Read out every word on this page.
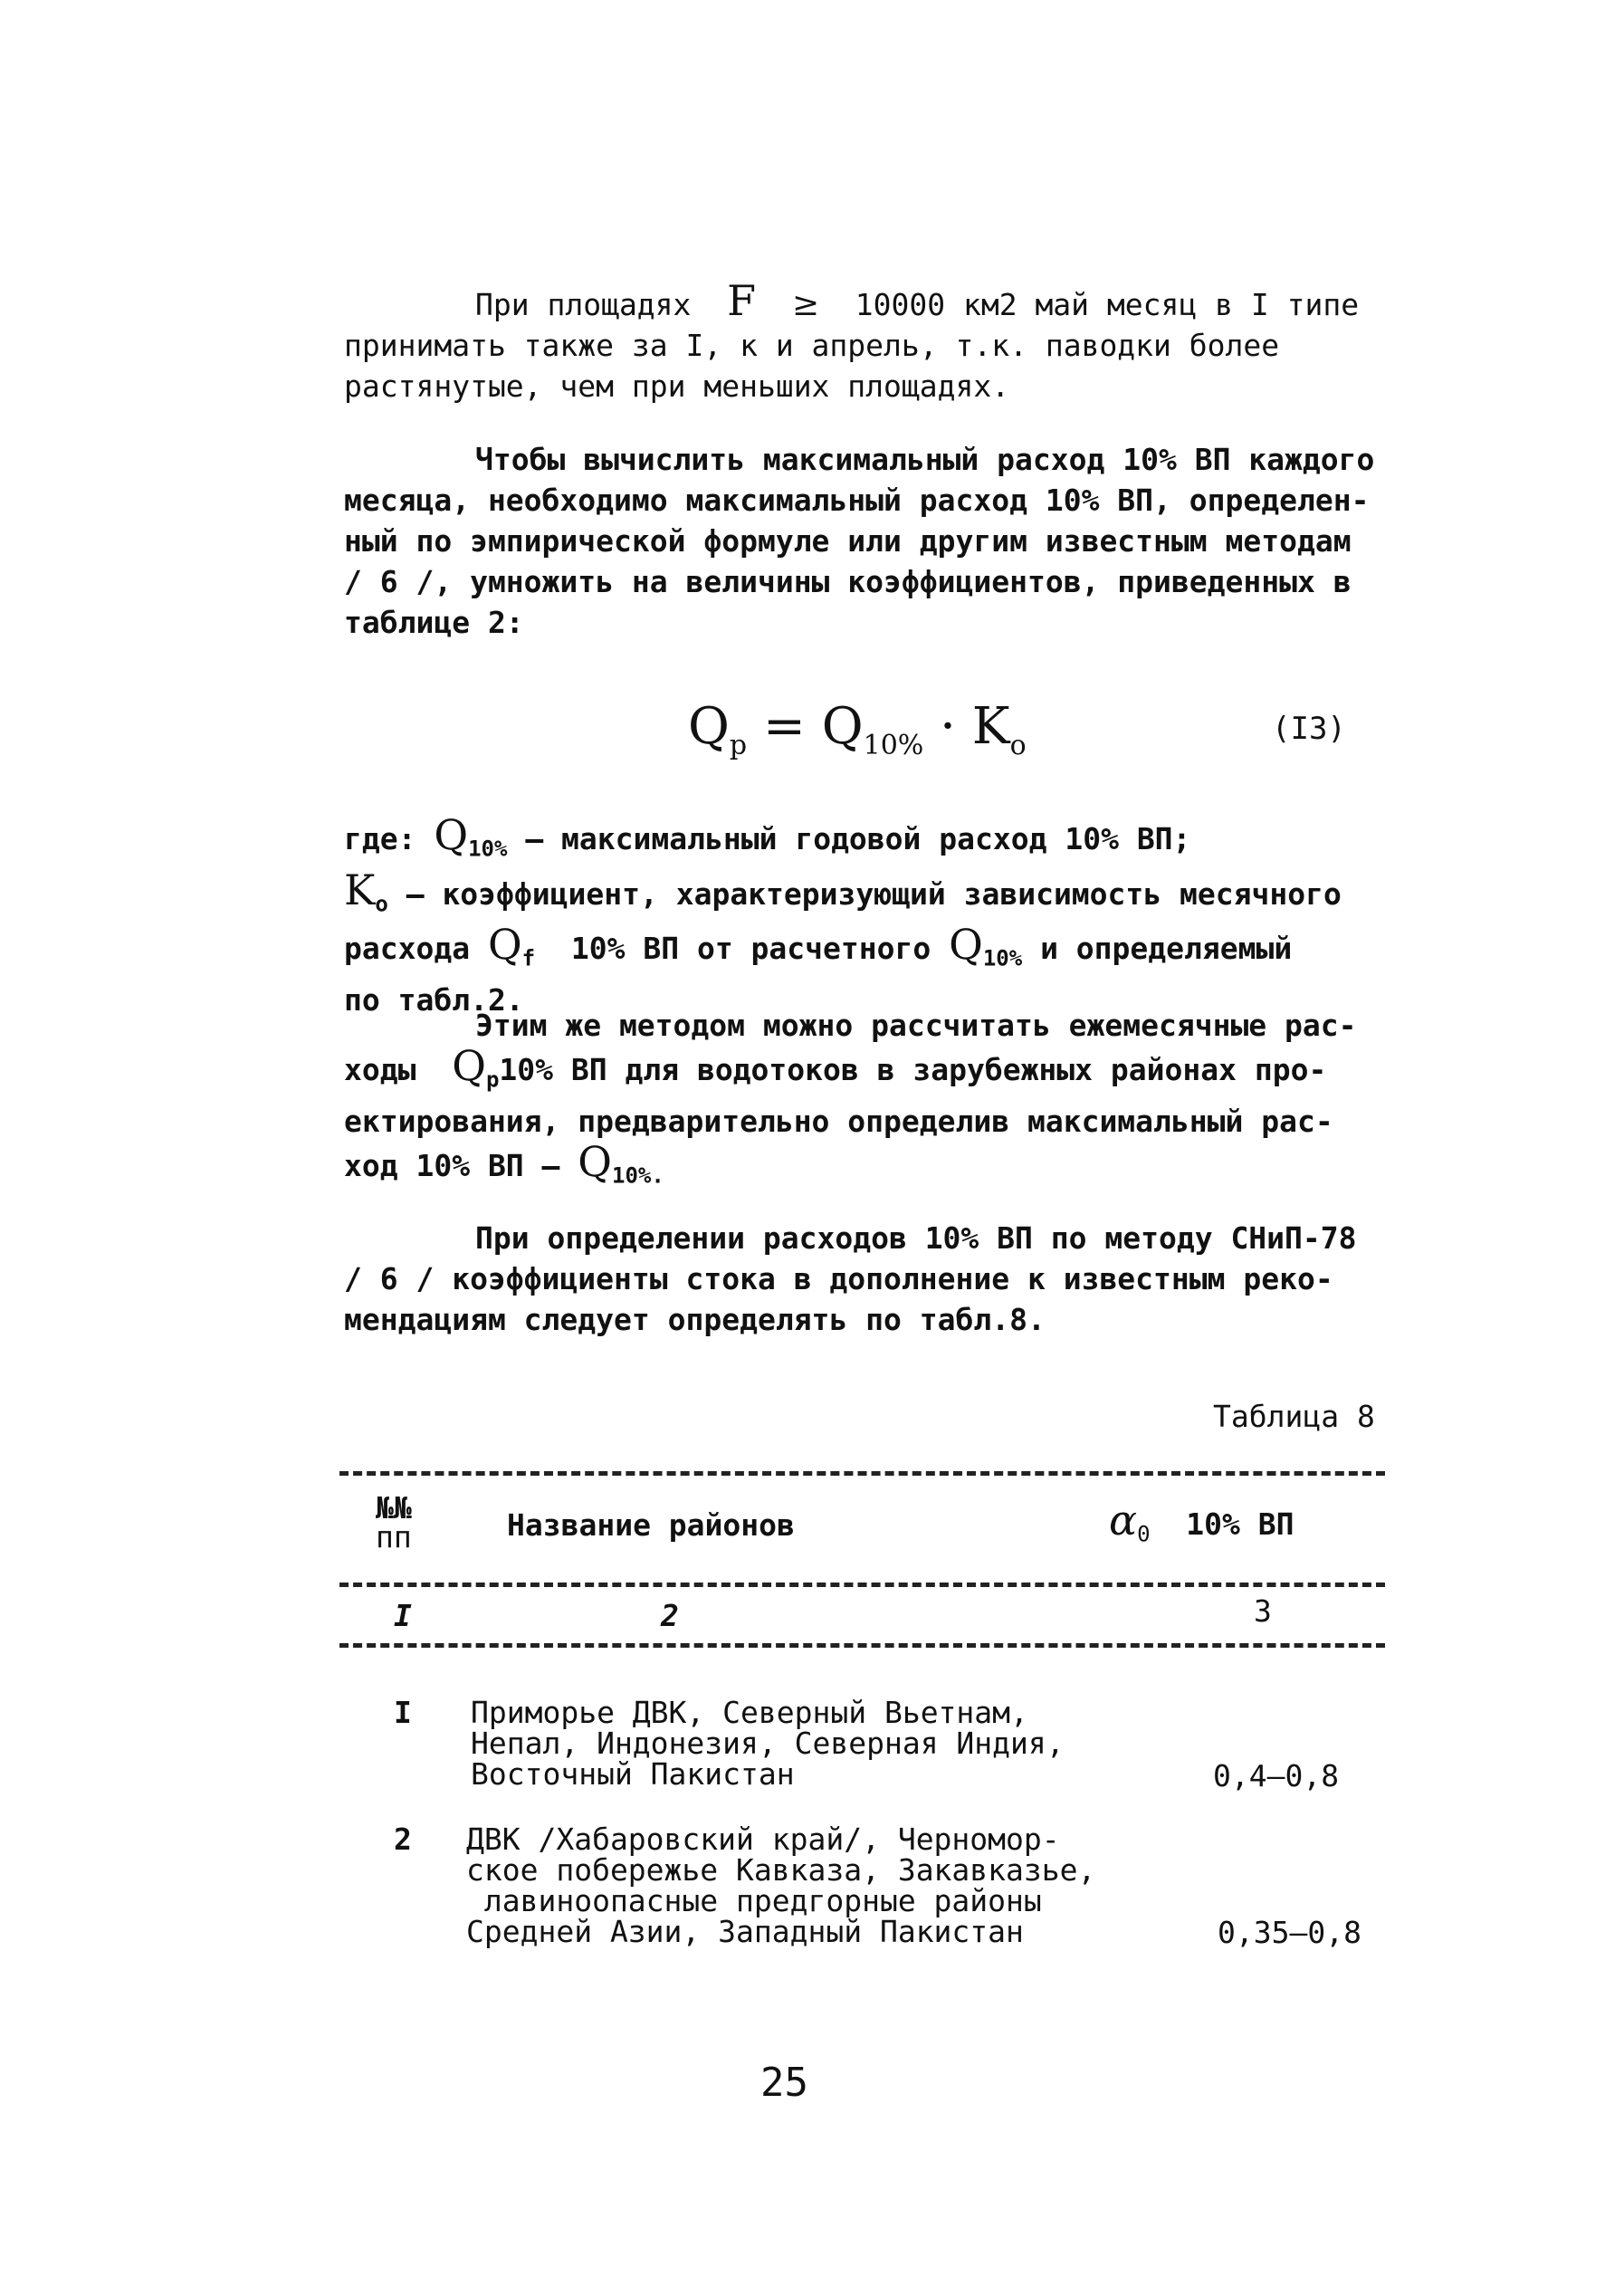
При площадях F ≥ 10000 км2 май месяц в I типе
принимать также за I, к и апрель, т.к. паводки более
растянутые, чем при меньших площадях.
Чтобы вычислить максимальный расход 10% ВП каждого
месяца, необходимо максимальный расход 10% ВП, определен-
ный по эмпирической формуле или другим известным методам
/ 6 /, умножить на величины коэффициентов, приведенных в
таблице 2:
$Q_p = Q_{10\%} \cdot K_o$	(I3)
где: $Q_{10\%}$ – максимальный годовой расход 10% ВП;
$K_o$ – коэффициент, характеризующий зависимость месячного
расхода $Q_f$ 10% ВП от расчетного $Q_{10\%}$ и определяемый
по табл.2.
Этим же методом можно рассчитать ежемесячные рас-
ходы $Q_p10\%$ ВП для водотоков в зарубежных районах про-
ектирования, предварительно определив максимальный рас-
ход 10% ВП – $Q_{10\%.}$
При определении расходов 10% ВП по методу СНиП-78
/ 6 / коэффициенты стока в дополнение к известным реко-
мендациям следует определять по табл.8.
Таблица 8
№№
пп	Название районов	$\alpha_0$ 10% ВП
I	2	3
I Приморье ДВК, Северный Вьетнам,
Непал, Индонезия, Северная Индия,
Восточный Пакистан	0,4–0,8
2 ДВК /Хабаровский край/, Черномор-
ское побережье Кавказа, Закавказье,
лавиноопасные предгорные районы
Средней Азии, Западный Пакистан	0,35–0,8
25
